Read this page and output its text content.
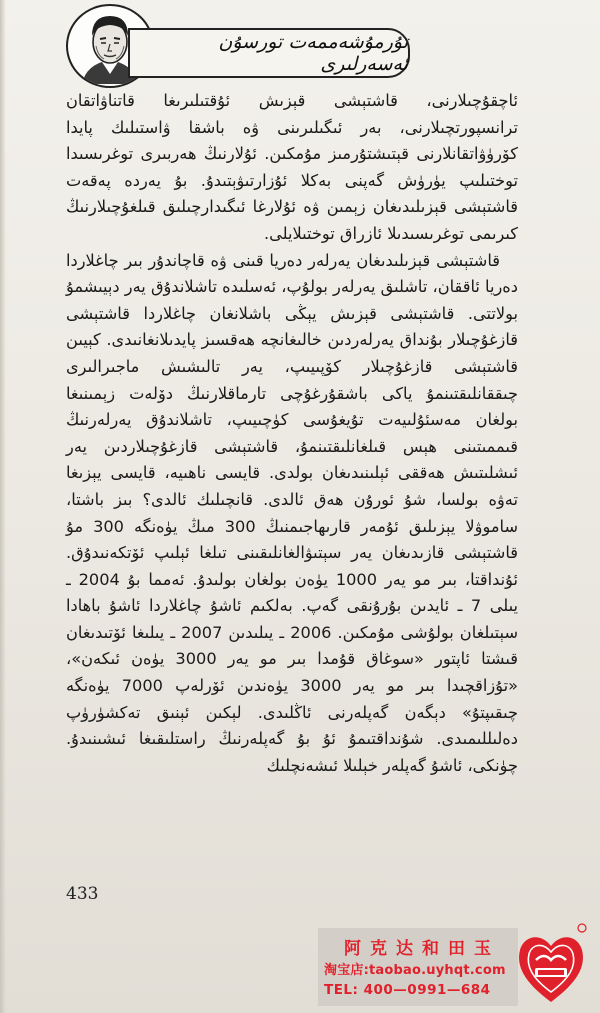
تۇرمۇشەممەت تورسۇن ئەسەرلىرى

ئاچقۇچىلارنى، قاشتېشى قېزىش ئۇقتىلىرىغا قاتناۋاتقان ترانسپورتچىلارنى، بەر ئىگىلىرىنى ۋە باشقا ۋاستىلىك پايدا كۆرۈۋاتقانلارنى قېتىشتۇرمىز مۇمكىن. ئۇلارنىڭ ھەربىرى توغرىسىدا توختىلىپ يۈرۈش گەپنى بەكلا ئۇزارتىۋېتىدۇ. بۇ يەردە پەقەت قاشتېشى قېزىلىدىغان زېمىن ۋە ئۇلارغا ئىگىدارچىلىق قىلغۇچىلارنىڭ كىرىمى توغرىسىدىلا ئازراق توختىلايلى.

قاشتېشى قېزىلىدىغان يەرلەر دەريا قىنى ۋە قاچاندۇر بىر چاغلاردا دەريا ئاققان، تاشلىق يەرلەر بولۇپ، ئەسلىدە تاشلاندۇق يەر دېيىشمۇ بولاتتى. قاشتېشى قېزىش يېڭى باشلانغان چاغلاردا قاشتېشى قازغۇچىلار بۇنداق يەرلەردىن خالىغانچە ھەقسىز پايدىلانغانىدى. كېيىن قاشتېشى قازغۇچىلار كۆپىيىپ، يەر تالىشىش ماجىرالىرى چىققانلىقتىنمۇ ياكى باشقۇرغۇچى تارماقلارنىڭ دۆلەت زېمىنىغا بولغان مەسئۇلىيەت تۇيغۇسى كۈچىيىپ، تاشلاندۇق يەرلەرنىڭ قىممىتىنى ھېس قىلغانلىقتىنمۇ، قاشتېشى قازغۇچىلاردىن يەر ئىشلىتىش ھەققى ئېلىنىدىغان بولدى. قايسى ناھىيە، قايسى يېزىغا تەۋە بولسا، شۇ ئورۇن ھەق ئالدى. قانچىلىك ئالدى؟ بىز باشتا، ساموۋلا يېزىلىق ئۇمەر قارىھاجىمنىڭ 300 مىڭ يۈەنگە 300 مۇ قاشتېشى قازىدىغان يەر سېتىۋالغانلىقىنى تىلغا ئېلىپ ئۆتكەنىدۇق. ئۇنداقتا، بىر مو يەر 1000 يۈەن بولغان بولىدۇ. ئەمما بۇ 2004 ـ يىلى 7 ـ ئايدىن بۇرۇنقى گەپ. بەلكىم ئاشۇ چاغلاردا ئاشۇ باھادا سېتىلغان بولۇشى مۇمكىن. 2006 ـ يىلىدىن 2007 ـ يىلىغا ئۆتىدىغان قىشتا ئاپتور «سوغاق قۇمدا بىر مو يەر 3000 يۈەن ئىكەن»، «تۇزاقچىدا بىر مو يەر 3000 يۈەندىن ئۆرلەپ 7000 يۈەنگە چىقىپتۇ» دېگەن گەپلەرنى ئاڭلىدى. لېكىن ئېنىق تەكشۈرۈپ دەلىللىمىدى. شۇنداقتىمۇ ئۇ بۇ گەپلەرنىڭ راستلىقىغا ئىشىنىدۇ. چۈنكى، ئاشۇ گەپلەر خېلىلا ئىشەنچلىك

433
阿克达和田玉
淘宝店:taobao.uyhqt.com
TEL: 400—0991—684
